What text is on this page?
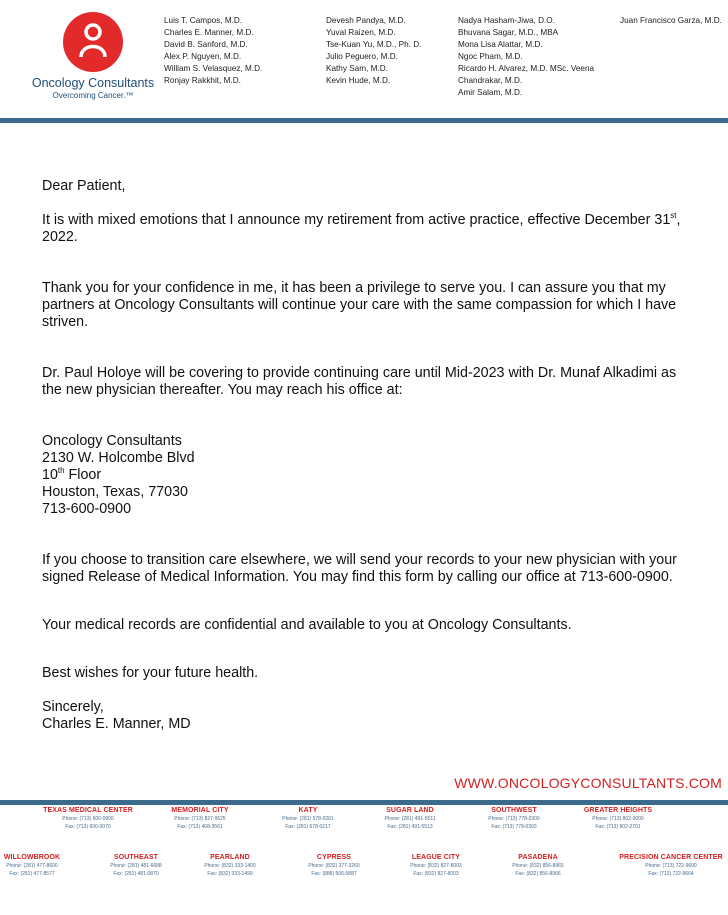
Oncology Consultants
Overcoming Cancer.™
Luis T. Campos, M.D.
Charles E. Manner, M.D.
David B. Sanford, M.D.
Alex P. Nguyen, M.D.
William S. Velasquez, M.D.
Ronjay Rakkhit, M.D.
Devesh Pandya, M.D.
Yuval Raizen, M.D.
Tse-Kuan Yu, M.D., Ph. D.
Julio Peguero, M.D.
Kathy Sam, M.D.
Kevin Hude, M.D.
Nadya Hasham-Jiwa, D.O.
Bhuvana Sagar, M.D., MBA
Mona Lisa Alattar, M.D.
Ngoc Pham, M.D.
Ricardo H. Alvarez, M.D. MSc. Veena
Chandrakar, M.D.
Amir Salam, M.D.
Juan Francisco Garza, M.D.

Dear Patient,

It is with mixed emotions that I announce my retirement from active practice, effective December 31st, 2022.

Thank you for your confidence in me, it has been a privilege to serve you. I can assure you that my partners at Oncology Consultants will continue your care with the same compassion for which I have striven.

Dr. Paul Holoye will be covering to provide continuing care until Mid-2023 with Dr. Munaf Alkadimi as the new physician thereafter. You may reach his office at:

Oncology Consultants

2130 W. Holcombe Blvd

10th Floor

Houston, Texas, 77030

713-600-0900

If you choose to transition care elsewhere, we will send your records to your new physician with your signed Release of Medical Information. You may find this form by calling our office at 713-600-0900.

Your medical records are confidential and available to you at Oncology Consultants.

Best wishes for your future health.

Sincerely,

Charles E. Manner, MD

WWW.ONCOLOGYCONSULTANTS.COM
TEXAS MEDICAL CENTER
Phone: (713) 600-0900
Fax: (713) 600-0070
MEMORIAL CITY
Phone: (713) 827-9525
Fax: (713) 468-3561
KATY
Phone: (281) 578-0201
Fax: (281) 578-0217
SUGAR LAND
Phone: (281) 491-5511
Fax: (281) 491-5513
SOUTHWEST
Phone: (713) 778-0300
Fax: (713) 778-0303
GREATER HEIGHTS
Phone: (713) 802-0000
Fax: (713) 802-2701
WILLOWBROOK
Phone: (281) 477-8600
Fax: (281) 477-8577
SOUTHEAST
Phone: (281) 481-6688
Fax: (281) 481-0870
PEARLAND
Phone: (832) 333-1400
Fax: (832) 333-1499
CYPRESS
Phone: (832) 377-3260
Fax: (888) 506-5887
LEAGUE CITY
Phone: (832) 827-8003
Fax: (832) 827-8003
PASADENA
Phone: (832) 856-8965
Fax: (832) 856-8966
PRECISION CANCER CENTER
Phone: (713) 722-9600
Fax: (713) 722-9664
